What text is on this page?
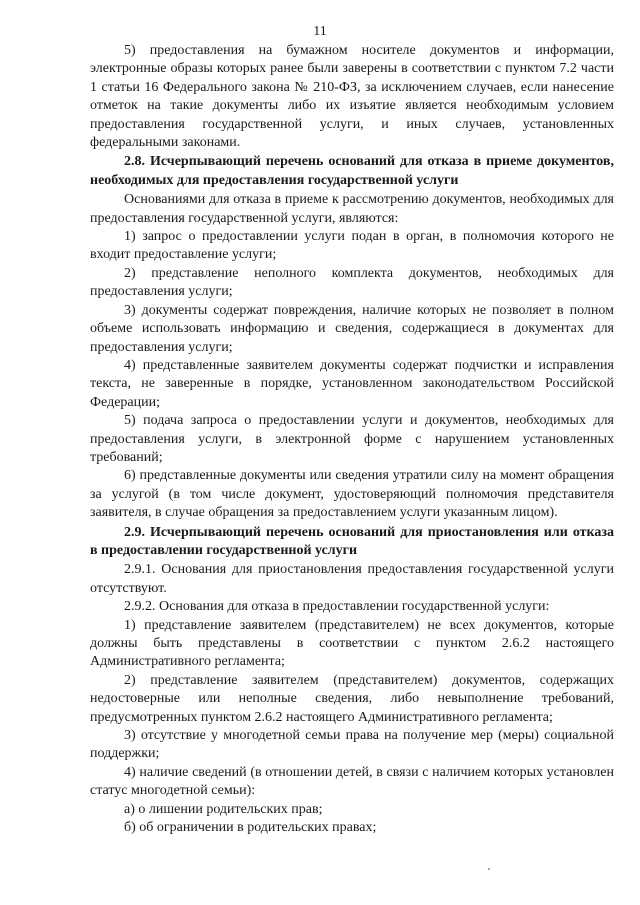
11

5) предоставления на бумажном носителе документов и информации, электронные образы которых ранее были заверены в соответствии с пунктом 7.2 части 1 статьи 16 Федерального закона № 210-ФЗ, за исключением случаев, если нанесение отметок на такие документы либо их изъятие является необходимым условием предоставления государственной услуги, и иных случаев, установленных федеральными законами.

2.8. Исчерпывающий перечень оснований для отказа в приеме документов, необходимых для предоставления государственной услуги

Основаниями для отказа в приеме к рассмотрению документов, необходимых для предоставления государственной услуги, являются:

1) запрос о предоставлении услуги подан в орган, в полномочия которого не входит предоставление услуги;

2) представление неполного комплекта документов, необходимых для предоставления услуги;

3) документы содержат повреждения, наличие которых не позволяет в полном объеме использовать информацию и сведения, содержащиеся в документах для предоставления услуги;

4) представленные заявителем документы содержат подчистки и исправления текста, не заверенные в порядке, установленном законодательством Российской Федерации;

5) подача запроса о предоставлении услуги и документов, необходимых для предоставления услуги, в электронной форме с нарушением установленных требований;

6) представленные документы или сведения утратили силу на момент обращения за услугой (в том числе документ, удостоверяющий полномочия представителя заявителя, в случае обращения за предоставлением услуги указанным лицом).

2.9. Исчерпывающий перечень оснований для приостановления или отказа в предоставлении государственной услуги

2.9.1. Основания для приостановления предоставления государственной услуги отсутствуют.

2.9.2. Основания для отказа в предоставлении государственной услуги:

1) представление заявителем (представителем) не всех документов, которые должны быть представлены в соответствии с пунктом 2.6.2 настоящего Административного регламента;

2) представление заявителем (представителем) документов, содержащих недостоверные или неполные сведения, либо невыполнение требований, предусмотренных пунктом 2.6.2 настоящего Административного регламента;

3) отсутствие у многодетной семьи права на получение мер (меры) социальной поддержки;

4) наличие сведений (в отношении детей, в связи с наличием которых установлен статус многодетной семьи):

а) о лишении родительских прав;

б) об ограничении в родительских правах;
